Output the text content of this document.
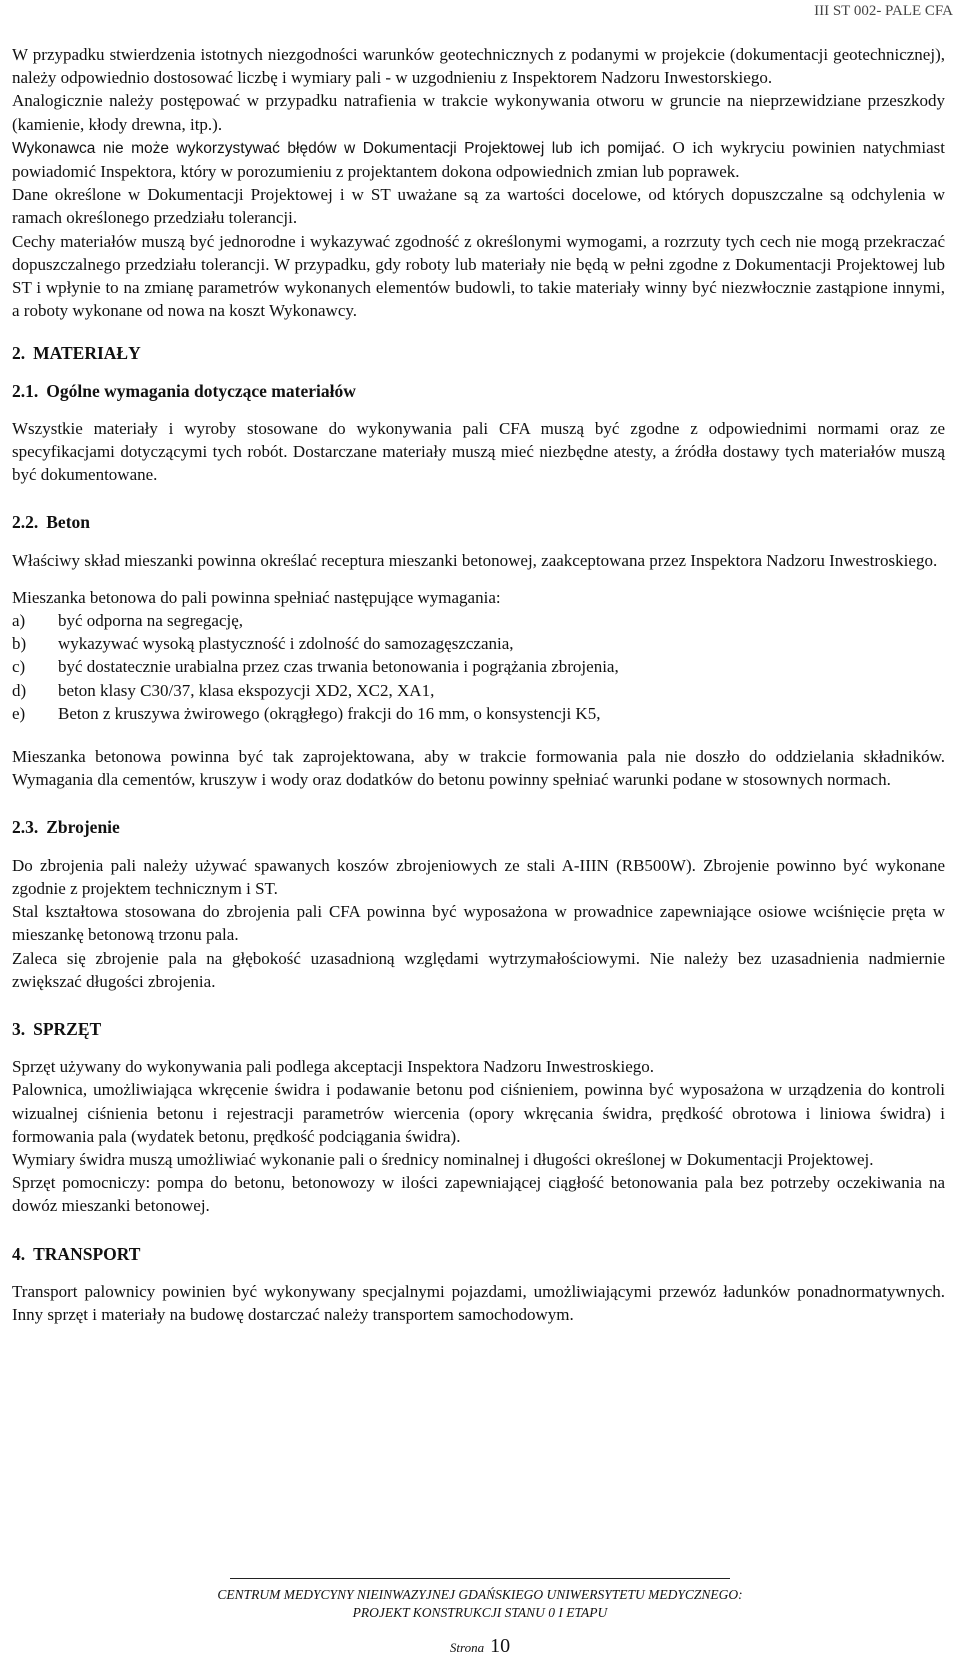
III ST 002- PALE CFA

W przypadku stwierdzenia istotnych niezgodności warunków geotechnicznych z podanymi w projekcie (dokumentacji geotechnicznej), należy odpowiednio dostosować liczbę i wymiary pali - w uzgodnieniu z Inspektorem Nadzoru Inwestorskiego.

Analogicznie należy postępować w przypadku natrafienia w trakcie wykonywania otworu w gruncie na nieprzewidziane przeszkody (kamienie, kłody drewna, itp.).

Wykonawca nie może wykorzystywać błędów w Dokumentacji Projektowej lub ich pomijać. O ich wykryciu powinien natychmiast powiadomić Inspektora, który w porozumieniu z projektantem dokona odpowiednich zmian lub poprawek.

Dane określone w Dokumentacji Projektowej i w ST uważane są za wartości docelowe, od których dopuszczalne są odchylenia w ramach określonego przedziału tolerancji.

Cechy materiałów muszą być jednorodne i wykazywać zgodność z określonymi wymogami, a rozrzuty tych cech nie mogą przekraczać dopuszczalnego przedziału tolerancji. W przypadku, gdy roboty lub materiały nie będą w pełni zgodne z Dokumentacji Projektowej lub ST i wpłynie to na zmianę parametrów wykonanych elementów budowli, to takie materiały winny być niezwłocznie zastąpione innymi, a roboty wykonane od nowa na koszt Wykonawcy.

2. MATERIAŁY
2.1. Ogólne wymagania dotyczące materiałów

Wszystkie materiały i wyroby stosowane do wykonywania pali CFA muszą być zgodne z odpowiednimi normami oraz ze specyfikacjami dotyczącymi tych robót. Dostarczane materiały muszą mieć niezbędne atesty, a źródła dostawy tych materiałów muszą być dokumentowane.

2.2. Beton

Właściwy skład mieszanki powinna określać receptura mieszanki betonowej, zaakceptowana przez Inspektora Nadzoru Inwestroskiego.

Mieszanka betonowa do pali powinna spełniać następujące wymagania:

a)	być odporna na segregację,
b)	wykazywać wysoką plastyczność i zdolność do samozagęszczania,
c)	być dostatecznie urabialna przez czas trwania betonowania i pogrążania zbrojenia,
d)	beton klasy C30/37, klasa ekspozycji XD2, XC2, XA1,
e)	Beton z kruszywa żwirowego (okrągłego) frakcji do 16 mm, o konsystencji K5,

Mieszanka betonowa powinna być tak zaprojektowana, aby w trakcie formowania pala nie doszło do oddzielania składników. Wymagania dla cementów, kruszyw i wody oraz dodatków do betonu powinny spełniać warunki podane w stosownych normach.

2.3. Zbrojenie

Do zbrojenia pali należy używać spawanych koszów zbrojeniowych ze stali A-IIIN (RB500W). Zbrojenie powinno być wykonane zgodnie z projektem technicznym i ST.

Stal kształtowa stosowana do zbrojenia pali CFA powinna być wyposażona w prowadnice zapewniające osiowe wciśnięcie pręta w mieszankę betonową trzonu pala.

Zaleca się zbrojenie pala na głębokość uzasadnioną względami wytrzymałościowymi. Nie należy bez uzasadnienia nadmiernie zwiększać długości zbrojenia.

3. SPRZĘT

Sprzęt używany do wykonywania pali podlega akceptacji Inspektora Nadzoru Inwestroskiego.

Palownica, umożliwiająca wkręcenie świdra i podawanie betonu pod ciśnieniem, powinna być wyposażona w urządzenia do kontroli wizualnej ciśnienia betonu i rejestracji parametrów wiercenia (opory wkręcania świdra, prędkość obrotowa i liniowa świdra) i formowania pala (wydatek betonu, prędkość podciągania świdra).

Wymiary świdra muszą umożliwiać wykonanie pali o średnicy nominalnej i długości określonej w Dokumentacji Projektowej.

Sprzęt pomocniczy: pompa do betonu, betonowozy w ilości zapewniającej ciągłość betonowania pala bez potrzeby oczekiwania na dowóz mieszanki betonowej.

4. TRANSPORT

Transport palownicy powinien być wykonywany specjalnymi pojazdami, umożliwiającymi przewóz ładunków ponadnormatywnych. Inny sprzęt i materiały na budowę dostarczać należy transportem samochodowym.

CENTRUM MEDYCYNY NIEINWAZYJNEJ GDAŃSKIEGO UNIWERSYTETU MEDYCZNEGO:
PROJEKT KONSTRUKCJI STANU 0 I ETAPU
Strona 10
